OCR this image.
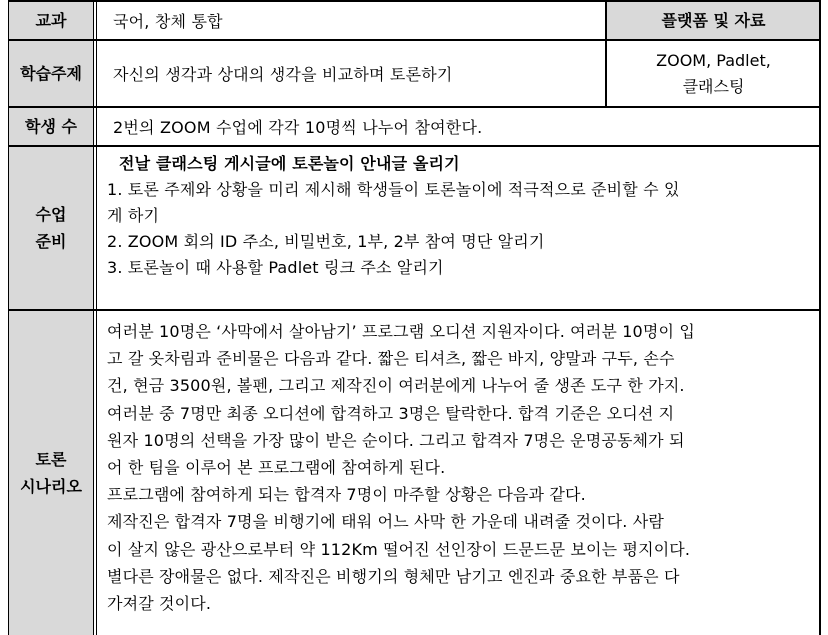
교과
학습주제
학생 수
수업
준비
토론
시나리오
플랫폼 및 자료
국어, 창체 통합
자신의 생각과 상대의 생각을 비교하며 토론하기
ZOOM, Padlet,
클래스팅
2번의 ZOOM 수업에 각각 10명씩 나누어 참여한다.
전날 클래스팅 게시글에 토론놀이 안내글 올리기
1. 토론 주제와 상황을 미리 제시해 학생들이 토론놀이에 적극적으로 준비할 수 있
게 하기
2. ZOOM 회의 ID 주소, 비밀번호, 1부, 2부 참여 명단 알리기
3. 토론놀이 때 사용할 Padlet 링크 주소 알리기
여러분 10명은 ‘사막에서 살아남기’ 프로그램 오디션 지원자이다. 여러분 10명이 입
고 갈 옷차림과 준비물은 다음과 같다. 짧은 티셔츠, 짧은 바지, 양말과 구두, 손수
건, 현금 3500원, 볼펜, 그리고 제작진이 여러분에게 나누어 줄 생존 도구 한 가지.
여러분 중 7명만 최종 오디션에 합격하고 3명은 탈락한다. 합격 기준은 오디션 지
원자 10명의 선택을 가장 많이 받은 순이다. 그리고 합격자 7명은 운명공동체가 되
어 한 팀을 이루어 본 프로그램에 참여하게 된다.
프로그램에 참여하게 되는 합격자 7명이 마주할 상황은 다음과 같다.
제작진은 합격자 7명을 비행기에 태워 어느 사막 한 가운데 내려줄 것이다. 사람
이 살지 않은 광산으로부터 약 112Km 떨어진 선인장이 드문드문 보이는 평지이다.
별다른 장애물은 없다. 제작진은 비행기의 형체만 남기고 엔진과 중요한 부품은 다
가져갈 것이다.
